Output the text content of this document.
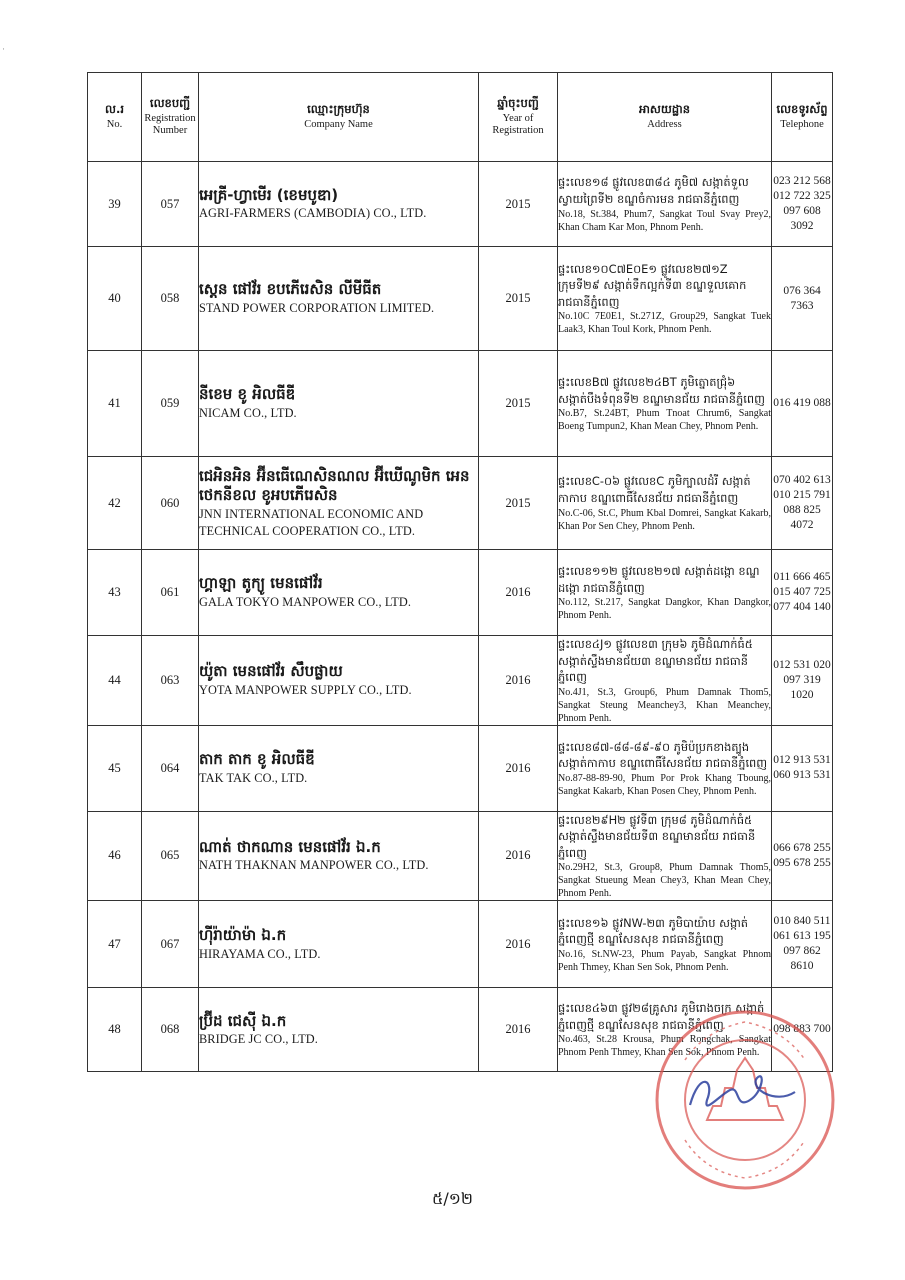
·
ល.រ
No.	លេខបញ្ជី
Registration Number	ឈ្មោះក្រុមហ៊ុន
Company Name	ឆ្នាំចុះបញ្ជី
Year of Registration	អាសយដ្ឋាន
Address	លេខទូរស័ព្ទ
Telephone
39	057	អេគ្រី-ហ្វាមើរ (ខេមបូឌា)
AGRI-FARMERS (CAMBODIA) CO., LTD.	2015	ផ្ទះលេខ១៨ ផ្លូវលេខ៣៨៤ ភូមិ៧ សង្កាត់ទួលស្វាយព្រៃទី២ ខណ្ឌចំការមន រាជធានីភ្នំពេញ
No.18, St.384, Phum7, Sangkat Toul Svay Prey2, Khan Cham Kar Mon, Phnom Penh.	023 212 568
012 722 325
097 608 3092

40	058	ស្តេន ផៅវ័រ ខបភើរេសិន លីមីធីត
STAND POWER CORPORATION LIMITED.	2015	ផ្ទះលេខ១០C៧E០E១ ផ្លូវលេខ២៧១Z ក្រុមទី២៩ សង្កាត់ទឹកល្អក់ទី៣ ខណ្ឌទួលគោក រាជធានីភ្នំពេញ
No.10C 7E0E1, St.271Z, Group29, Sangkat Tuek Laak3, Khan Toul Kork, Phnom Penh.	076 364 7363

41	059	នីខេម ខូ អិលធីឌី
NICAM CO., LTD.	2015	ផ្ទះលេខB៧ ផ្លូវលេខ២៤BT ភូមិត្នោតជ្រុំ៦ សង្កាត់បឹងទំពុនទី២ ខណ្ឌមានជ័យ រាជធានីភ្នំពេញ
No.B7, St.24BT, Phum Tnoat Chrum6, Sangkat Boeng Tumpun2, Khan Mean Chey, Phnom Penh.	016 419 088

42	060	ជេអិនអិន អ៊ីនធើណេសិនណល អ៊ីឃើណូមិក អេន ថេកនីខល ខូអបភើរេសិន
JNN INTERNATIONAL ECONOMIC AND TECHNICAL COOPERATION CO., LTD.	2015	ផ្ទះលេខC-០៦ ផ្លូវលេខC ភូមិក្បាលដំរី សង្កាត់កាកាប ខណ្ឌពោធិ៍សែនជ័យ រាជធានីភ្នំពេញ
No.C-06, St.C, Phum Kbal Domrei, Sangkat Kakarb, Khan Por Sen Chey, Phnom Penh.	070 402 613
010 215 791
088 825 4072

43	061	ហ្គាឡា តូក្យូ មេនផៅវ័រ
GALA TOKYO MANPOWER CO., LTD.	2016	ផ្ទះលេខ១១២ ផ្លូវលេខ២១៧ សង្កាត់ដង្កោ ខណ្ឌដង្កោ រាជធានីភ្នំពេញ
No.112, St.217, Sangkat Dangkor, Khan Dangkor, Phnom Penh.	011 666 465
015 407 725
077 404 140

44	063	យ៉ូតា មេនផៅវ័រ សឹបផ្លាយ
YOTA MANPOWER SUPPLY CO., LTD.	2016	ផ្ទះលេខ៤J១ ផ្លូវលេខ៣ ក្រុម៦ ភូមិដំណាក់ធំ៥ សង្កាត់ស្ទឹងមានជ័យ៣ ខណ្ឌមានជ័យ រាជធានីភ្នំពេញ
No.4J1, St.3, Group6, Phum Damnak Thom5, Sangkat Steung Meanchey3, Khan Meanchey, Phnom Penh.	012 531 020
097 319 1020

45	064	តាក តាក ខូ អិលធីឌី
TAK TAK CO., LTD.	2016	ផ្ទះលេខ៨៧-៨៨-៨៩-៩០ ភូមិប៉ប្រកខាងត្បូង សង្កាត់កាកាប ខណ្ឌពោធិ៍សែនជ័យ រាជធានីភ្នំពេញ
No.87-88-89-90, Phum Por Prok Khang Tboung, Sangkat Kakarb, Khan Posen Chey, Phnom Penh.	012 913 531
060 913 531

46	065	ណាត់ ថាកណាន មេនផៅវ័រ ឯ.ក
NATH THAKNAN MANPOWER CO., LTD.	2016	ផ្ទះលេខ២៩H២ ផ្លូវទី៣ ក្រុម៨ ភូមិដំណាក់ធំ៥ សង្កាត់ស្ទឹងមានជ័យទី៣ ខណ្ឌមានជ័យ រាជធានីភ្នំពេញ
No.29H2, St.3, Group8, Phum Damnak Thom5, Sangkat Stueung Mean Chey3, Khan Mean Chey, Phnom Penh.	066 678 255
095 678 255

47	067	ហ៊ីរ៉ាយ៉ាម៉ា ឯ.ក
HIRAYAMA CO., LTD.	2016	ផ្ទះលេខ១៦ ផ្លូវNW-២៣ ភូមិបាយ៉ាប សង្កាត់ភ្នំពេញថ្មី ខណ្ឌសែនសុខ រាជធានីភ្នំពេញ
No.16, St.NW-23, Phum Payab, Sangkat Phnom Penh Thmey, Khan Sen Sok, Phnom Penh.	010 840 511
061 613 195
097 862 8610

48	068	ប្រ៊ីដ ជេស៊ី ឯ.ក
BRIDGE JC CO., LTD.	2016	ផ្ទះលេខ៤៦៣ ផ្លូវ២៨គ្រូសារ ភូមិរោងចក្រ សង្កាត់ភ្នំពេញថ្មី ខណ្ឌសែនសុខ រាជធានីភ្នំពេញ
No.463, St.28 Krousa, Phum Rongchak, Sangkat Phnom Penh Thmey, Khan Sen Sok, Phnom Penh.	098 883 700
៥/១២
